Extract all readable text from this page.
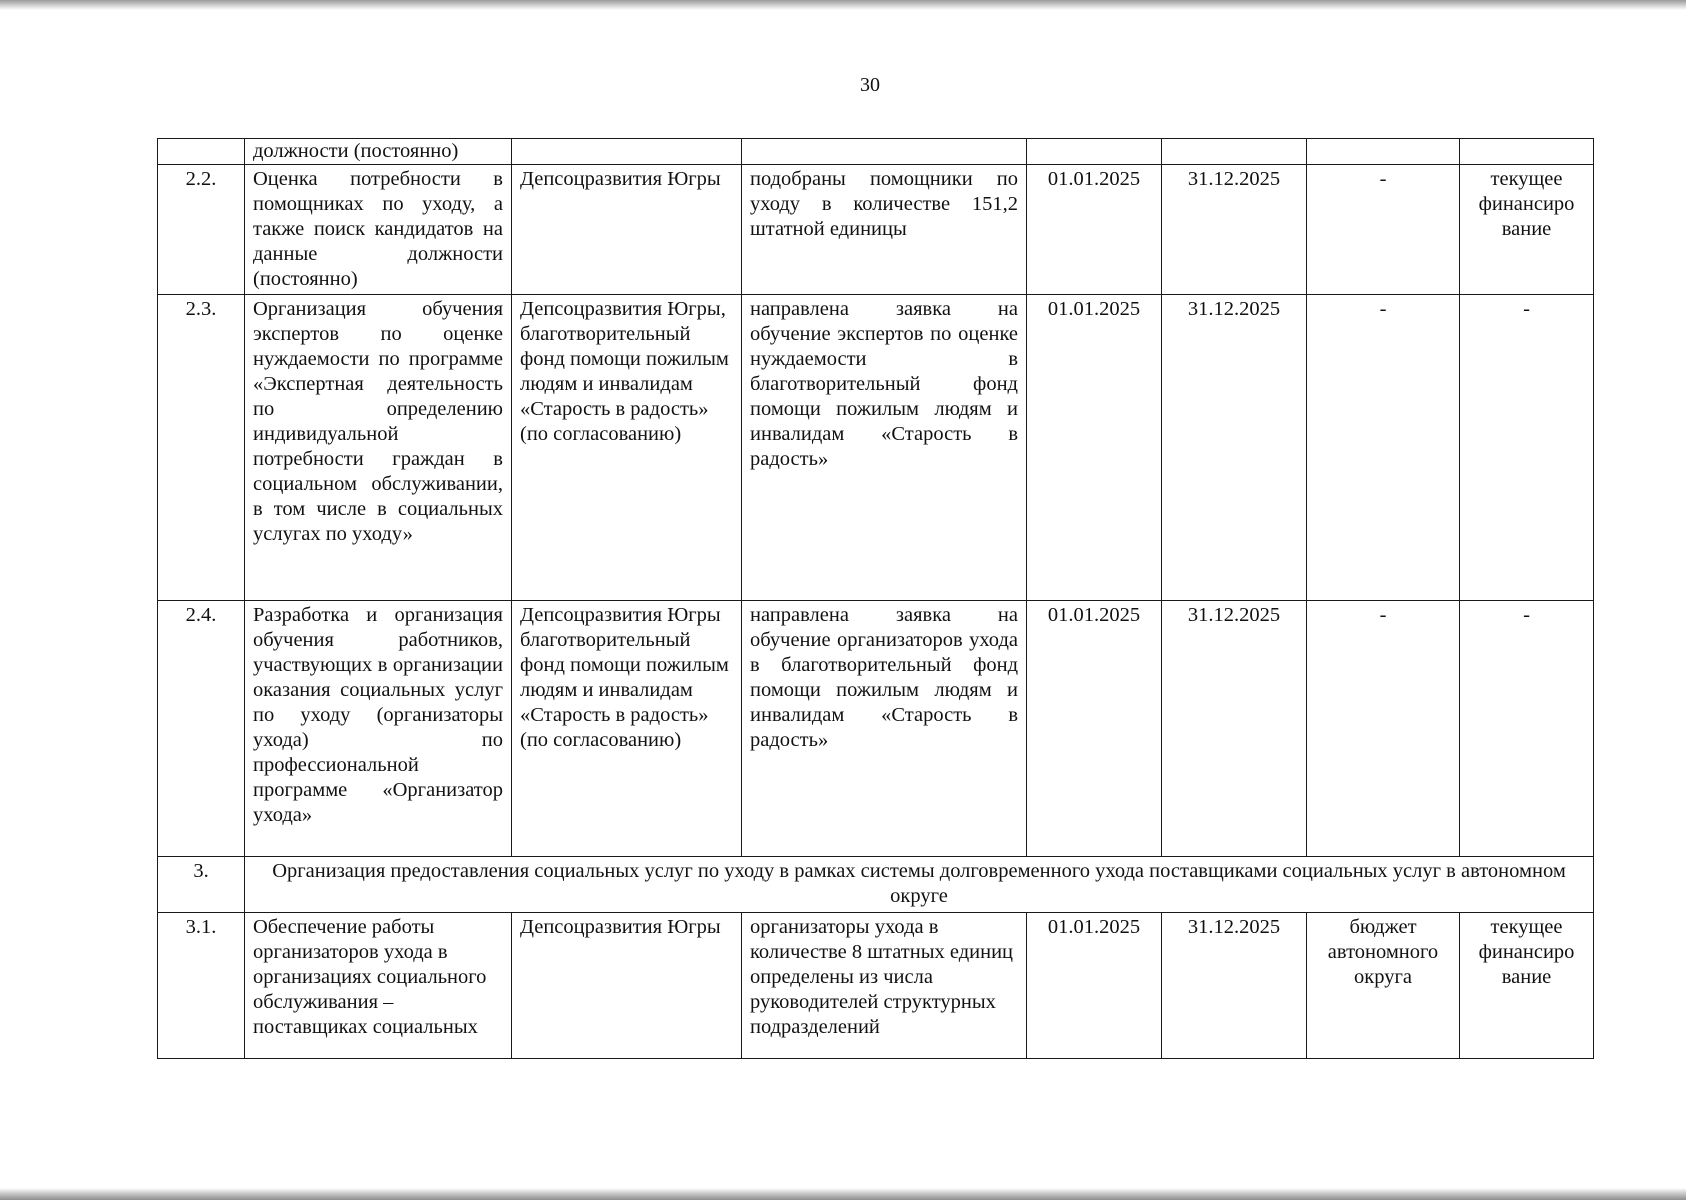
30
	должности (постоянно)						
2.2.	Оценка потребности в помощниках по уходу, а также поиск кандидатов на данные должности (постоянно)	Депсоцразвития Югры	подобраны помощники по уходу в количестве 151,2 штатной единицы	01.01.2025	31.12.2025	-	текущее финансиро вание
2.3.	Организация обучения экспертов по оценке нуждаемости по программе «Экспертная деятельность по определению индивидуальной потребности граждан в социальном обслуживании, в том числе в социальных услугах по уходу»	Депсоцразвития Югры, благотворительный фонд помощи пожилым людям и инвалидам «Старость в радость» (по согласованию)	направлена заявка на обучение экспертов по оценке нуждаемости в благотворительный фонд помощи пожилым людям и инвалидам «Старость в радость»	01.01.2025	31.12.2025	-	-
2.4.	Разработка и организация обучения работников, участвующих в организации оказания социальных услуг по уходу (организаторы ухода) по профессиональной программе «Организатор ухода»	Депсоцразвития Югры благотворительный фонд помощи пожилым людям и инвалидам «Старость в радость» (по согласованию)	направлена заявка на обучение организаторов ухода в благотворительный фонд помощи пожилым людям и инвалидам «Старость в радость»	01.01.2025	31.12.2025	-	-
3.	Организация предоставления социальных услуг по уходу в рамках системы долговременного ухода поставщиками социальных услуг в автономном округе						
3.1.	Обеспечение работы организаторов ухода в организациях социального обслуживания – поставщиках социальных	Депсоцразвития Югры	организаторы ухода в количестве 8 штатных единиц определены из числа руководителей структурных подразделений	01.01.2025	31.12.2025	бюджет автономного округа	текущее финансиро вание
